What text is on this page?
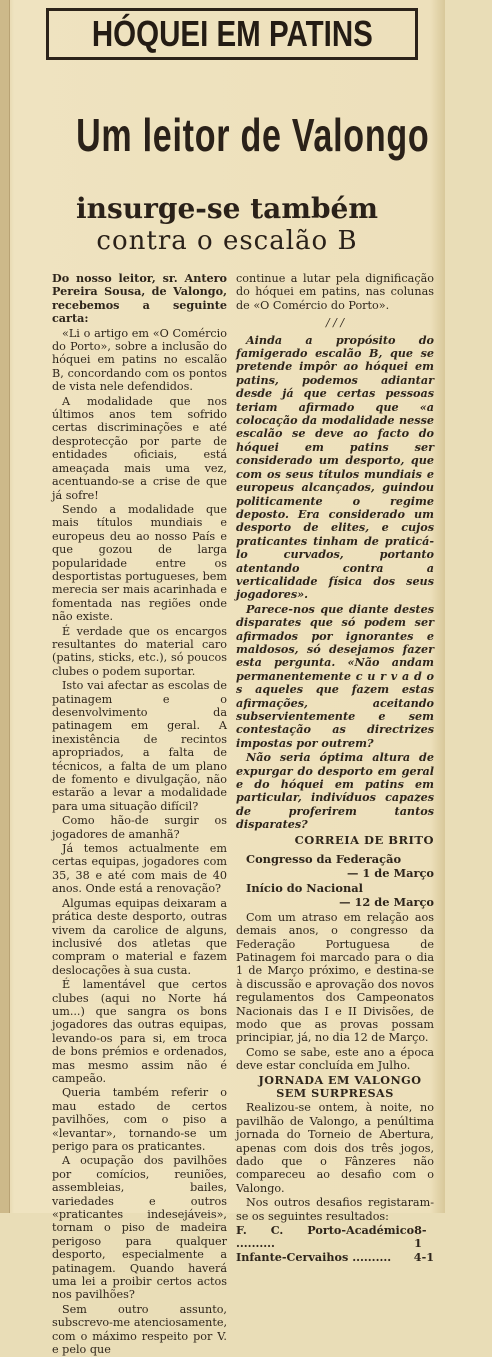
HÓQUEI EM PATINS
Um leitor de Valongo
insurge-se também
contra o escalão B

Do nosso leitor, sr. Antero Pereira Sousa, de Valongo, recebemos a seguinte carta:

«Li o artigo em «O Comércio do Porto», sobre a inclusão do hóquei em patins no escalão B, concordando com os pontos de vista nele defendidos.

A modalidade que nos últimos anos tem sofrido certas discriminações e até desprotecção por parte de entidades oficiais, está ameaçada mais uma vez, acentuando-se a crise de que já sofre!

Sendo a modalidade que mais títulos mundiais e europeus deu ao nosso País e que gozou de larga popularidade entre os desportistas portugueses, bem merecia ser mais acarinhada e fomentada nas regiões onde não existe.

É verdade que os encargos resultantes do material caro (patins, sticks, etc.), só poucos clubes o podem suportar.

Isto vai afectar as escolas de patinagem e o desenvolvimento da patinagem em geral. A inexistência de recintos apropriados, a falta de técnicos, a falta de um plano de fomento e divulgação, não estarão a levar a modalidade para uma situação difícil?

Como hão-de surgir os jogadores de amanhã?

Já temos actualmente em certas equipas, jogadores com 35, 38 e até com mais de 40 anos. Onde está a renovação?

Algumas equipas deixaram a prática deste desporto, outras vivem da carolice de alguns, inclusivé dos atletas que compram o material e fazem deslocações à sua custa.

É lamentável que certos clubes (aqui no Norte há um...) que sangra os bons jogadores das outras equipas, levando-os para si, em troca de bons prémios e ordenados, mas mesmo assim não é campeão.

Queria também referir o mau estado de certos pavilhões, com o piso a «levantar», tornando-se um perigo para os praticantes.

A ocupação dos pavilhões por comícios, reuniões, assembleias, bailes, variedades e outros «praticantes indesejáveis», tornam o piso de madeira perigoso para qualquer desporto, especialmente a patinagem. Quando haverá uma lei a proibir certos actos nos pavilhões?

Sem outro assunto, subscrevo-me atenciosamente, com o máximo respeito por V. e pelo que

continue a lutar pela dignificação do hóquei em patins, nas colunas de «O Comércio do Porto».

/ / /

Ainda a propósito do famigerado escalão B, que se pretende impôr ao hóquei em patins, podemos adiantar desde já que certas pessoas teriam afirmado que «a colocação da modalidade nesse escalão se deve ao facto do hóquei em patins ser considerado um desporto, que com os seus títulos mundiais e europeus alcançados, guindou politicamente o regime deposto. Era considerado um desporto de elites, e cujos praticantes tinham de praticá-lo curvados, portanto atentando contra a verticalidade física dos seus jogadores».

Parece-nos que diante destes disparates que só podem ser afirmados por ignorantes e maldosos, só desejamos fazer esta pergunta. «Não andam permanentemente c u r v a d o s aqueles que fazem estas afirmações, aceitando subservientemente e sem contestação as directrizes impostas por outrem?

Não seria óptima altura de expurgar do desporto em geral e do hóquei em patins em particular, indivíduos capazes de proferirem tantos disparates?

CORREIA DE BRITO

Congresso da Federação

— 1 de Março

Início do Nacional

— 12 de Março

Com um atraso em relação aos demais anos, o congresso da Federação Portuguesa de Patinagem foi marcado para o dia 1 de Março próximo, e destina-se à discussão e aprovação dos novos regulamentos dos Campeonatos Nacionais das I e II Divisões, de modo que as provas possam principiar, já, no dia 12 de Março.

Como se sabe, este ano a época deve estar concluída em Julho.

JORNADA EM VALONGO SEM SURPRESAS

Realizou-se ontem, à noite, no pavilhão de Valongo, a penúltima jornada do Torneio de Abertura, apenas com dois dos três jogos, dado que o Fânzeres não compareceu ao desafio com o Valongo.

Nos outros desafios registaram-se os seguintes resultados:

F. C. Porto-Académico ..........
8-1
Infante-Cervaihos .......... 4-1
